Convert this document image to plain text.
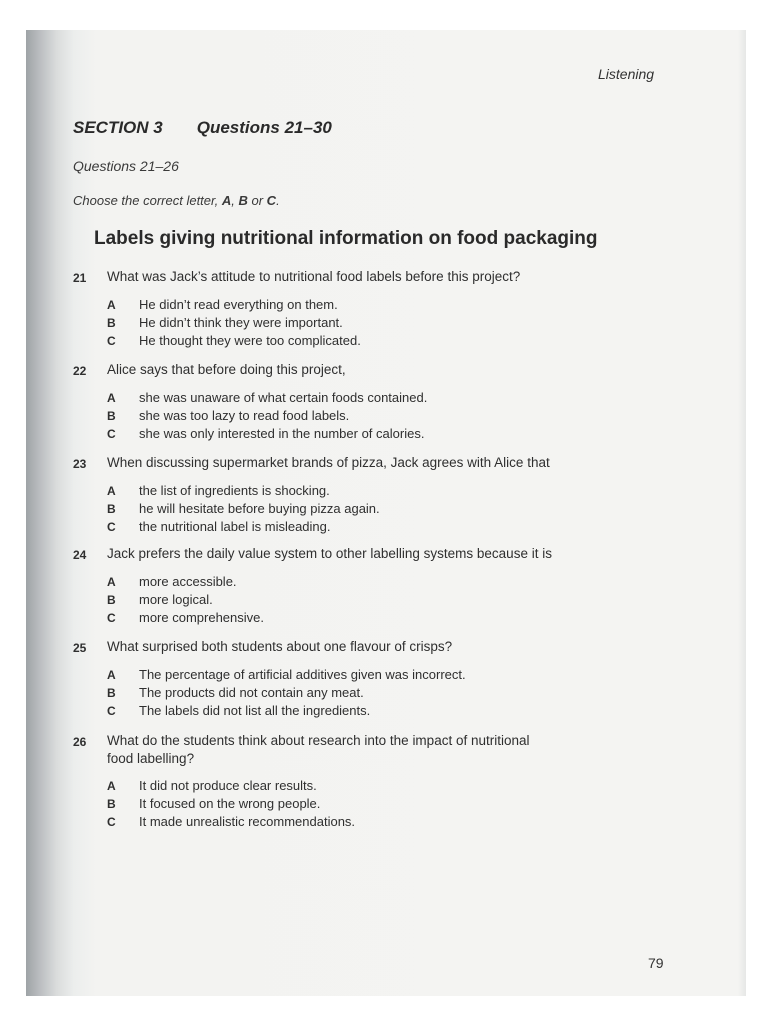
Listening
SECTION 3 Questions 21–30
Questions 21–26
Choose the correct letter, A, B or C.
Labels giving nutritional information on food packaging
21	What was Jack’s attitude to nutritional food labels before this project?
A	He didn’t read everything on them.
B	He didn’t think they were important.
C	He thought they were too complicated.
22	Alice says that before doing this project,
A	she was unaware of what certain foods contained.
B	she was too lazy to read food labels.
C	she was only interested in the number of calories.
23	When discussing supermarket brands of pizza, Jack agrees with Alice that
A	the list of ingredients is shocking.
B	he will hesitate before buying pizza again.
C	the nutritional label is misleading.
24	Jack prefers the daily value system to other labelling systems because it is
A	more accessible.
B	more logical.
C	more comprehensive.
25	What surprised both students about one flavour of crisps?
A	The percentage of artificial additives given was incorrect.
B	The products did not contain any meat.
C	The labels did not list all the ingredients.
26	What do the students think about research into the impact of nutritional
food labelling?
A	It did not produce clear results.
B	It focused on the wrong people.
C	It made unrealistic recommendations.
79
